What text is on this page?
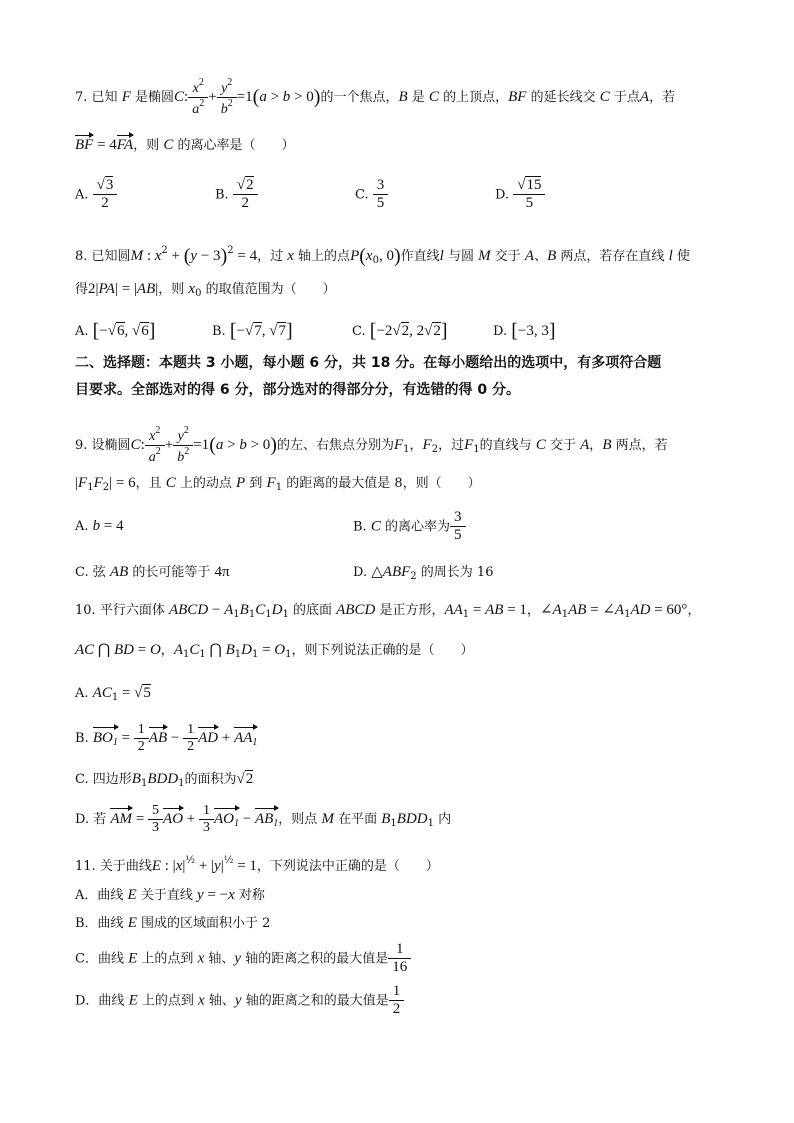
7. 已知 F 是椭圆C: $\frac{x^2}{a^2} + \frac{y^2}{b^2} =1(a > b > 0)$的一个焦点，B 是 C 的上顶点，BF 的延长线交 C 于点A，若
BF = 4FA，则 C 的离心率是（　　）
A. $\frac{√3}{2}$	B. $\frac{√2}{2}$	C. $\frac{3}{5}$	D. $\frac{√15}{5}$
8. 已知圆M : $x^2 + (y - 3)^2 = 4$，过 x 轴上的点$P(x_0$, 0)作直线l 与圆 M 交于 A、B 两点，若存在直线 l 使
得2|PA| = |AB|，则 $x_0$ 的取值范围为（　　）
A. [−√6, √6]	B. [−√7, √7]	C. [−2√2, 2√2]	D. [−3, 3]
二、选择题：本题共 3 小题，每小题 6 分，共 18 分。在每小题给出的选项中，有多项符合题
目要求。全部选对的得 6 分，部分选对的得部分分，有选错的得 0 分。
9. 设椭圆C: $\frac{x^2}{a^2} + \frac{y^2}{b^2} =1(a > b > 0)$的左、右焦点分别为$F_1$，$F_2$，过$F_1$的直线与 C 交于 A，B 两点，若
$|F_1F_2| = 6$，且 C 上的动点 P 到 $F_1$ 的距离的最大值是 8，则（　　）
A. b = 4	B. C 的离心率为 $\frac{3}{5}$
C. 弦 AB 的长可能等于 4π	D. $\triangle ABF_2$ 的周长为 16
10. 平行六面体 ABCD − $A_1B_1C_1D_1$ 的底面 ABCD 是正方形，$AA_1$ = AB = 1，$\angle A_1AB$ = $\angle A_1AD = 60^\circ$，
AC ⋂ BD = O，$A_1C_1$ ⋂ $B_1D_1 = O_1$，则下列说法正确的是（　　）
A. $AC_1 = √5$
B. $BO_1 = \frac{1}{2}$ AB − $\frac{1}{2}$ AD + $AA_1$
C. 四边形$B_1BDD_1$的面积为√2
D. 若 AM = $\frac{5}{3}$ AO + $\frac{1}{3} AO_1 - AB_1$，则点 M 在平面 $B_1BDD_1$ 内
11. 关于曲线E : $|x|^{\frac{1}{2}} + |y|^{\frac{1}{2}} = 1$，下列说法中正确的是（　　）
A．曲线 E 关于直线 y = −x 对称
B．曲线 E 围成的区域面积小于 2
C．曲线 E 上的点到 x 轴、y 轴的距离之积的最大值是 $\frac{1}{16}$
D．曲线 E 上的点到 x 轴、y 轴的距离之和的最大值是 $\frac{1}{2}$
